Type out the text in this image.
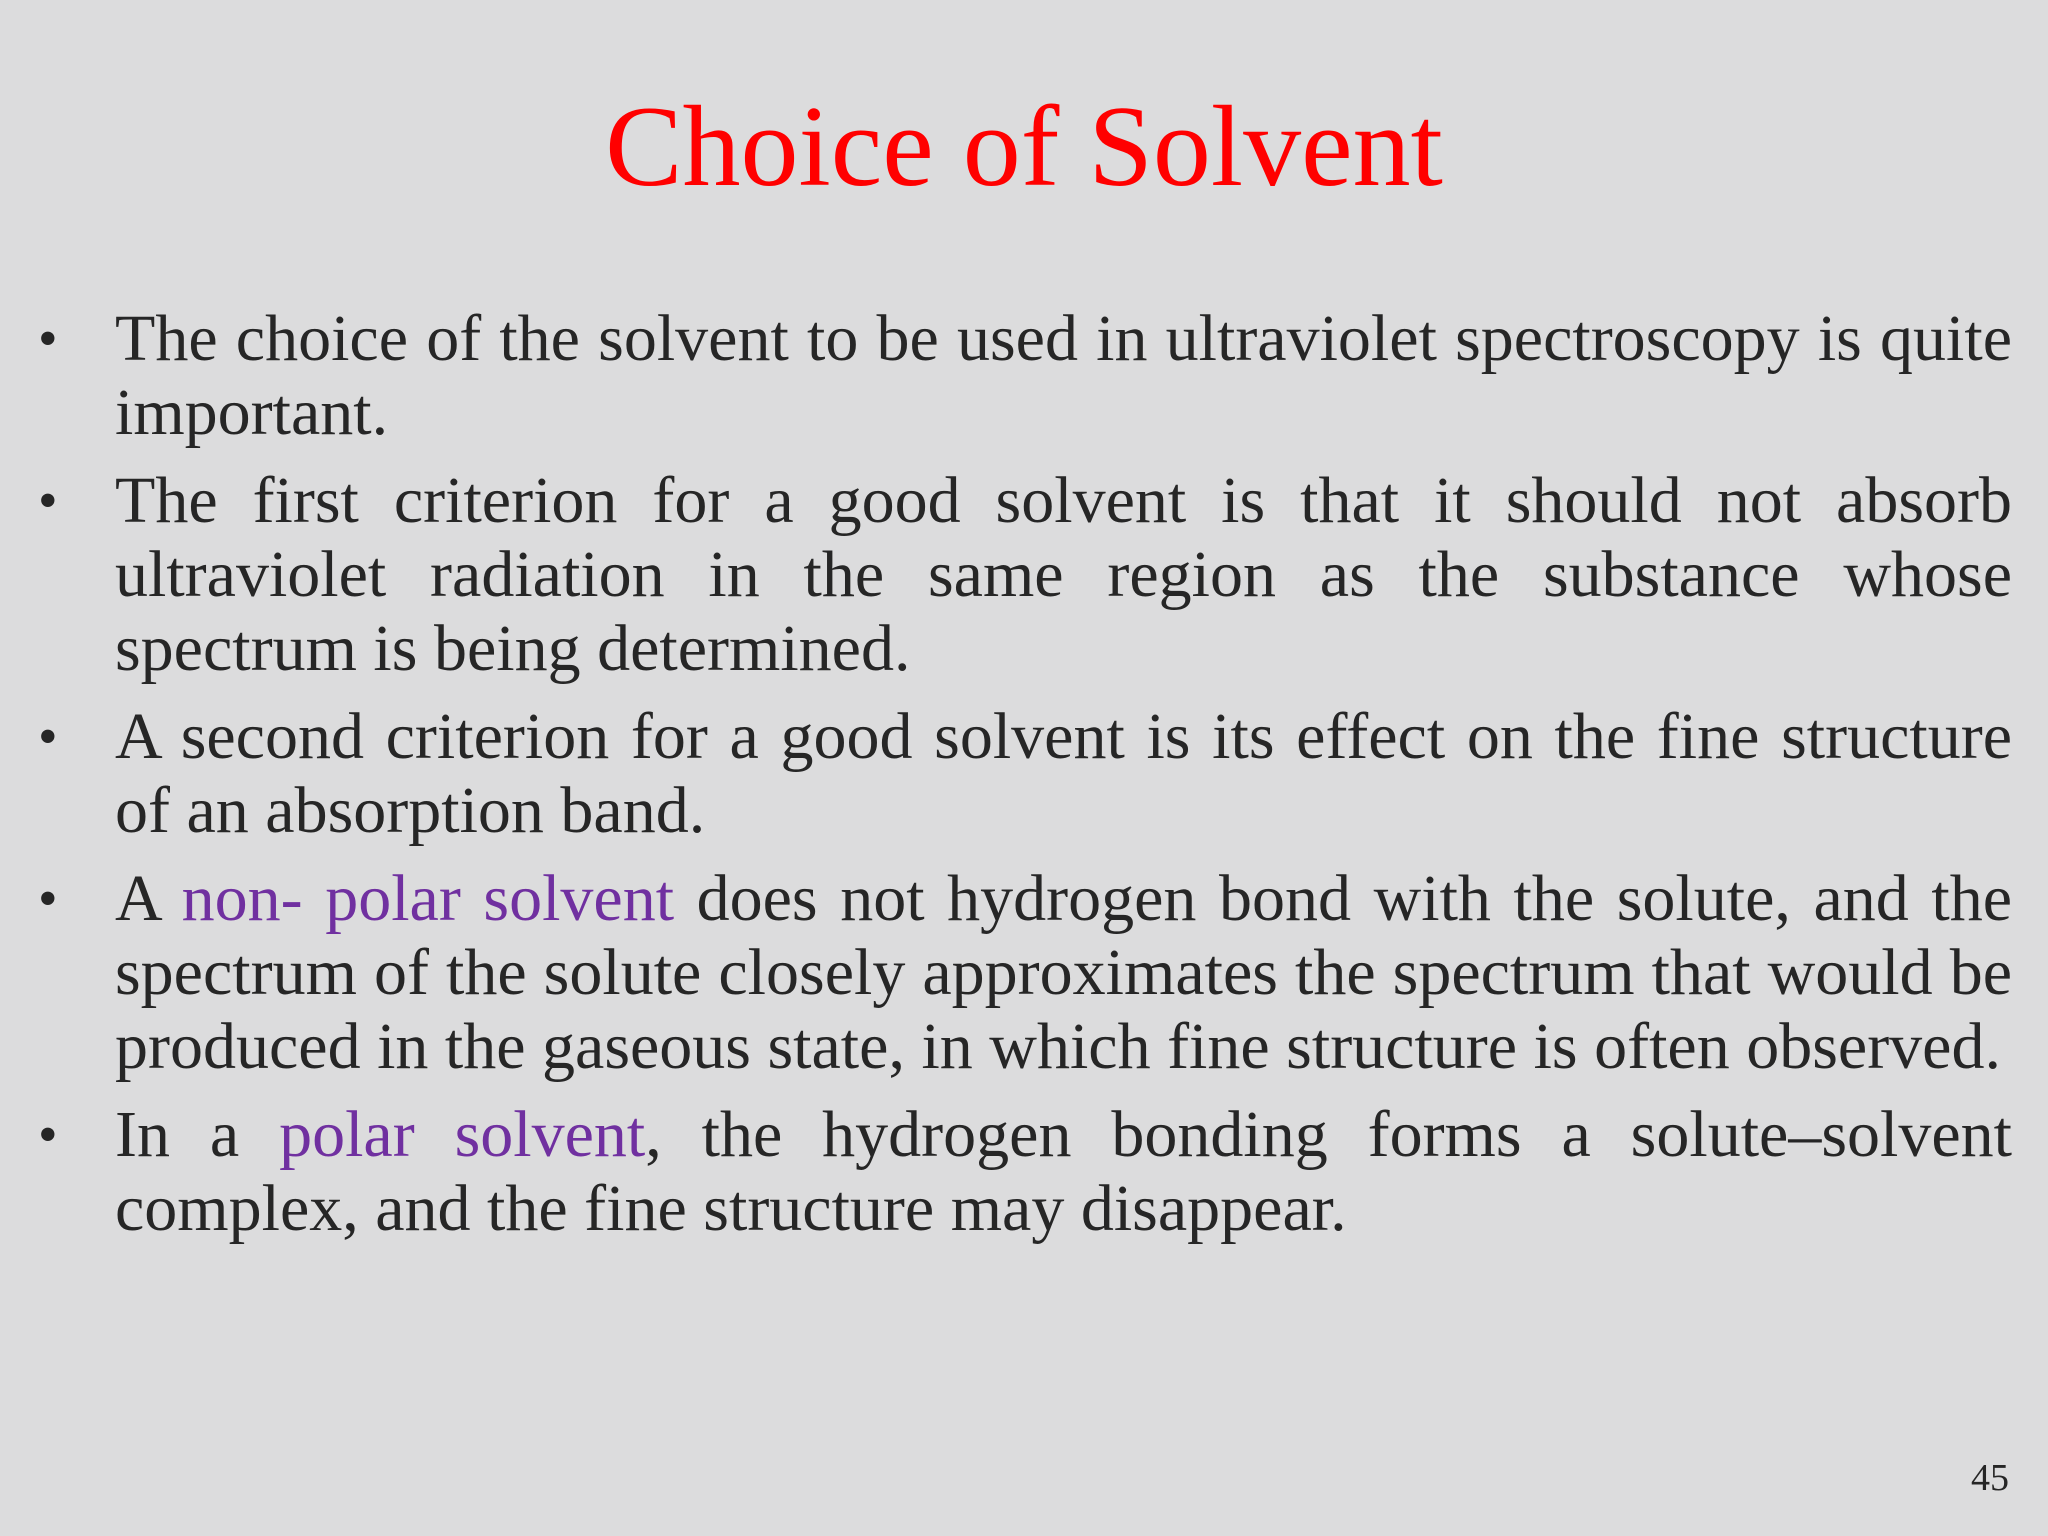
Choice of Solvent
• The choice of the solvent to be used in ultraviolet spectroscopy is quite important.
• The first criterion for a good solvent is that it should not absorb ultraviolet radiation in the same region as the substance whose spectrum is being determined.
• A second criterion for a good solvent is its effect on the fine structure of an absorption band.
• A non- polar solvent does not hydrogen bond with the solute, and the spectrum of the solute closely approximates the spectrum that would be produced in the gaseous state, in which fine structure is often observed.
• In a polar solvent, the hydrogen bonding forms a solute–solvent complex, and the fine structure may disappear.
45
